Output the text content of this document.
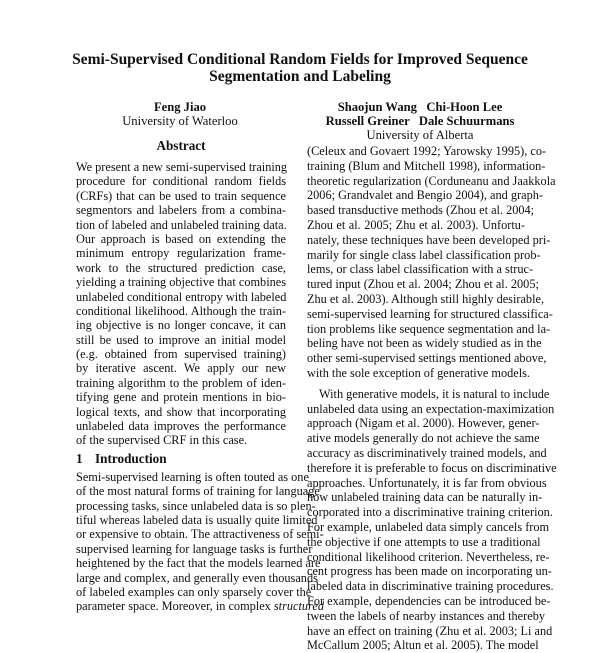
Semi-Supervised Conditional Random Fields for Improved Sequence
Segmentation and Labeling
Feng Jiao
University of Waterloo
Shaojun Wang   Chi-Hoon Lee
Russell Greiner   Dale Schuurmans
University of Alberta
Abstract
We present a new semi-supervised training
procedure for conditional random fields
(CRFs) that can be used to train sequence
segmentors and labelers from a combina-
tion of labeled and unlabeled training data.
Our approach is based on extending the
minimum entropy regularization frame-
work to the structured prediction case,
yielding a training objective that combines
unlabeled conditional entropy with labeled
conditional likelihood. Although the train-
ing objective is no longer concave, it can
still be used to improve an initial model
(e.g. obtained from supervised training)
by iterative ascent. We apply our new
training algorithm to the problem of iden-
tifying gene and protein mentions in bio-
logical texts, and show that incorporating
unlabeled data improves the performance
of the supervised CRF in this case.
1 Introduction
Semi-supervised learning is often touted as one
of the most natural forms of training for language
processing tasks, since unlabeled data is so plen-
tiful whereas labeled data is usually quite limited
or expensive to obtain. The attractiveness of semi-
supervised learning for language tasks is further
heightened by the fact that the models learned are
large and complex, and generally even thousands
of labeled examples can only sparsely cover the
parameter space. Moreover, in complex structured
(Celeux and Govaert 1992; Yarowsky 1995), co-
training (Blum and Mitchell 1998), information-
theoretic regularization (Corduneanu and Jaakkola
2006; Grandvalet and Bengio 2004), and graph-
based transductive methods (Zhou et al. 2004;
Zhou et al. 2005; Zhu et al. 2003). Unfortu-
nately, these techniques have been developed pri-
marily for single class label classification prob-
lems, or class label classification with a struc-
tured input (Zhou et al. 2004; Zhou et al. 2005;
Zhu et al. 2003). Although still highly desirable,
semi-supervised learning for structured classifica-
tion problems like sequence segmentation and la-
beling have not been as widely studied as in the
other semi-supervised settings mentioned above,
with the sole exception of generative models.
With generative models, it is natural to include
unlabeled data using an expectation-maximization
approach (Nigam et al. 2000). However, gener-
ative models generally do not achieve the same
accuracy as discriminatively trained models, and
therefore it is preferable to focus on discriminative
approaches. Unfortunately, it is far from obvious
how unlabeled training data can be naturally in-
corporated into a discriminative training criterion.
For example, unlabeled data simply cancels from
the objective if one attempts to use a traditional
conditional likelihood criterion. Nevertheless, re-
cent progress has been made on incorporating un-
labeled data in discriminative training procedures.
For example, dependencies can be introduced be-
tween the labels of nearby instances and thereby
have an effect on training (Zhu et al. 2003; Li and
McCallum 2005; Altun et al. 2005). The model
